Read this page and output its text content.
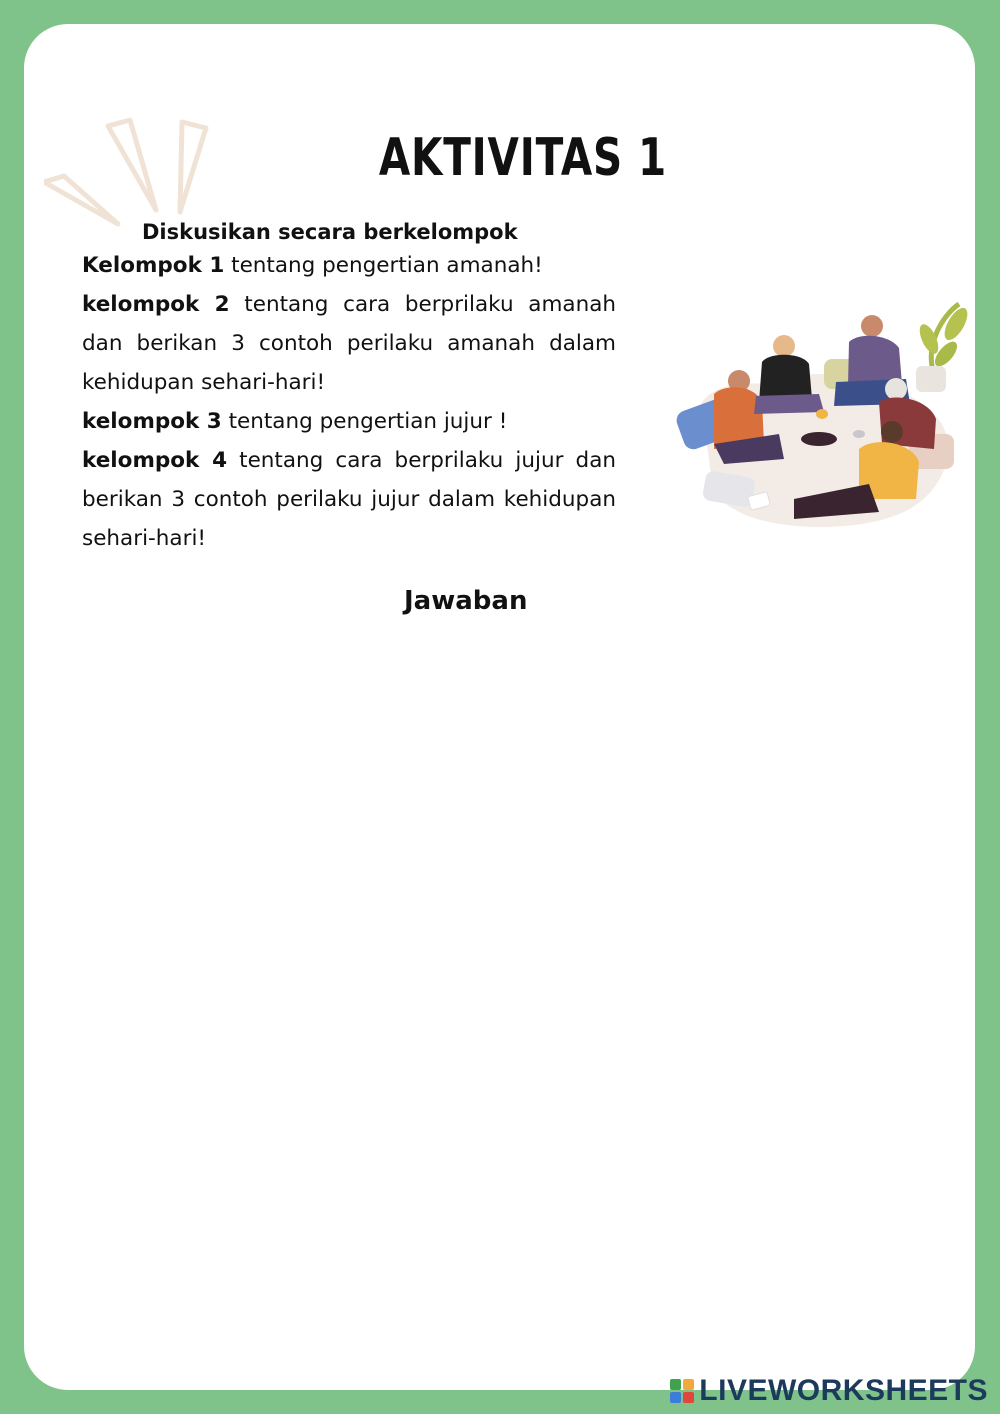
AKTIVITAS 1
Diskusikan secara berkelompok

Kelompok 1 tentang pengertian amanah!

kelompok 2 tentang cara berprilaku amanah dan berikan 3 contoh perilaku amanah dalam kehidupan sehari-hari!

kelompok 3 tentang pengertian jujur !

kelompok 4 tentang cara berprilaku jujur dan berikan 3 contoh perilaku jujur dalam kehidupan sehari-hari!

Jawaban
LIVEWORKSHEETS
